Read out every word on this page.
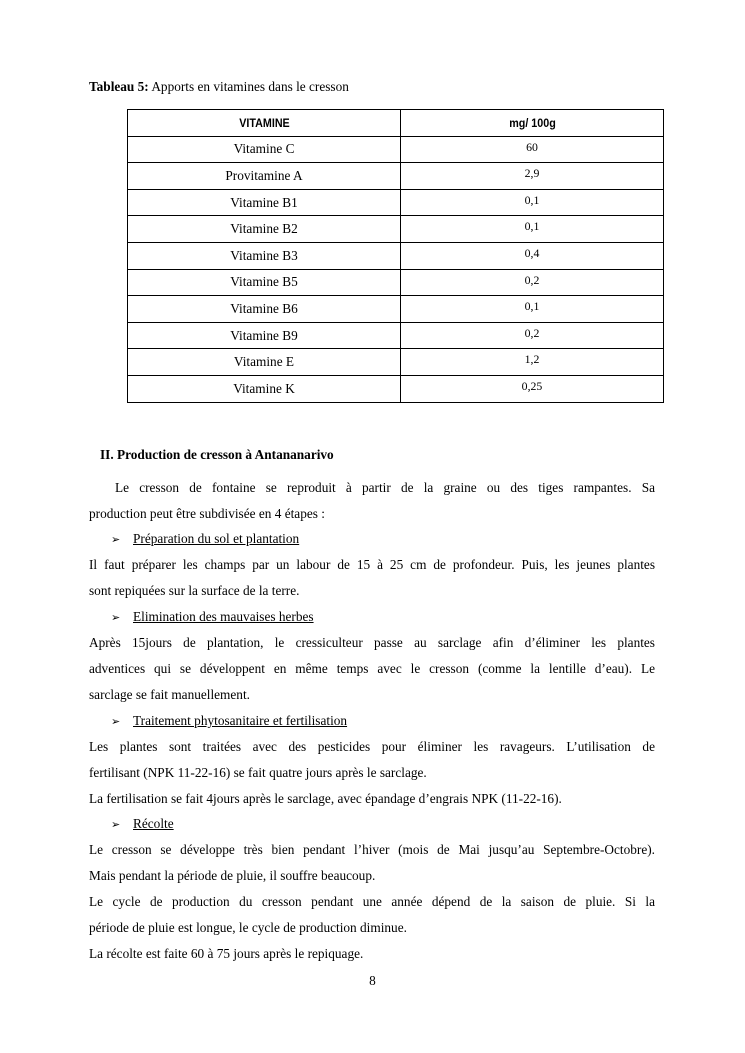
Tableau 5: Apports en vitamines dans le cresson
VITAMINE	mg/ 100g
Vitamine C	60
Provitamine A	2,9
Vitamine B1	0,1
Vitamine B2	0,1
Vitamine B3	0,4
Vitamine B5	0,2
Vitamine B6	0,1
Vitamine B9	0,2
Vitamine E	1,2
Vitamine K	0,25
II. Production de cresson à Antananarivo
Le cresson de fontaine se reproduit à partir de la graine ou des tiges rampantes. Sa
production peut être subdivisée en 4 étapes :
➢ Préparation du sol et plantation
Il faut préparer les champs par un labour de 15 à 25 cm de profondeur. Puis, les jeunes plantes
sont repiquées sur la surface de la terre.
➢ Elimination des mauvaises herbes
Après 15jours de plantation, le cressiculteur passe au sarclage afin d’éliminer les plantes
adventices qui se développent en même temps avec le cresson (comme la lentille d’eau). Le
sarclage se fait manuellement.
➢ Traitement phytosanitaire et fertilisation
Les plantes sont traitées avec des pesticides pour éliminer les ravageurs. L’utilisation de
fertilisant (NPK 11-22-16) se fait quatre jours après le sarclage.
La fertilisation se fait 4jours après le sarclage, avec épandage d’engrais NPK (11-22-16).
➢ Récolte
Le cresson se développe très bien pendant l’hiver (mois de Mai jusqu’au Septembre-Octobre).
Mais pendant la période de pluie, il souffre beaucoup.
Le cycle de production du cresson pendant une année dépend de la saison de pluie. Si la
période de pluie est longue, le cycle de production diminue.
La récolte est faite 60 à 75 jours après le repiquage.
8
